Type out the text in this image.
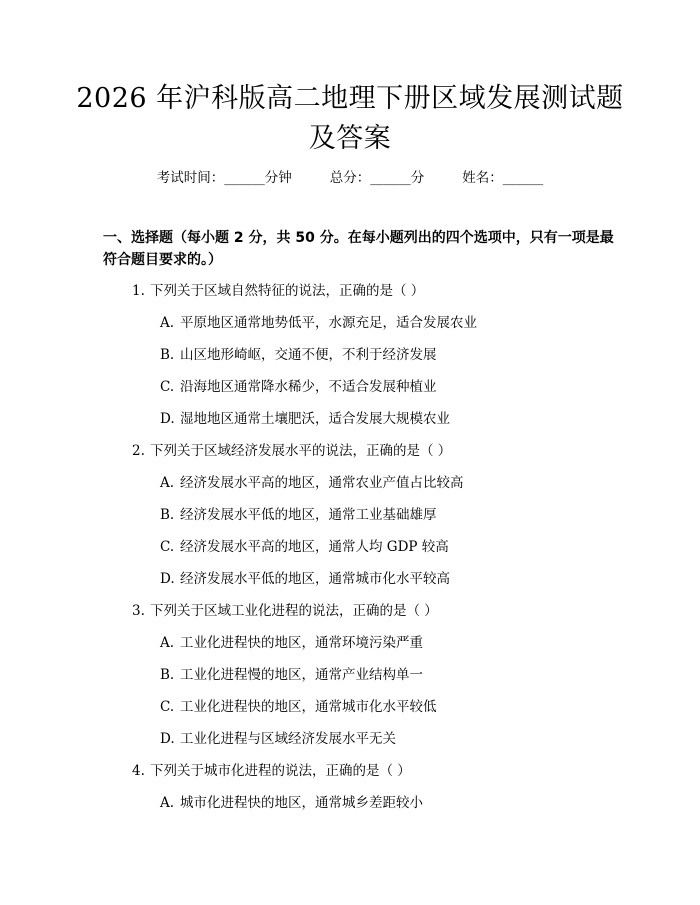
2026 年沪科版高二地理下册区域发展测试题
及答案
考试时间：______分钟	总分：______分	姓名：______
一、选择题（每小题 2 分，共 50 分。在每小题列出的四个选项中，只有一项是最
符合题目要求的。）
1. 下列关于区域自然特征的说法，正确的是（ ）
A. 平原地区通常地势低平，水源充足，适合发展农业
B. 山区地形崎岖，交通不便，不利于经济发展
C. 沿海地区通常降水稀少，不适合发展种植业
D. 湿地地区通常土壤肥沃，适合发展大规模农业
2. 下列关于区域经济发展水平的说法，正确的是（ ）
A. 经济发展水平高的地区，通常农业产值占比较高
B. 经济发展水平低的地区，通常工业基础雄厚
C. 经济发展水平高的地区，通常人均 GDP 较高
D. 经济发展水平低的地区，通常城市化水平较高
3. 下列关于区域工业化进程的说法，正确的是（ ）
A. 工业化进程快的地区，通常环境污染严重
B. 工业化进程慢的地区，通常产业结构单一
C. 工业化进程快的地区，通常城市化水平较低
D. 工业化进程与区域经济发展水平无关
4. 下列关于城市化进程的说法，正确的是（ ）
A. 城市化进程快的地区，通常城乡差距较小
